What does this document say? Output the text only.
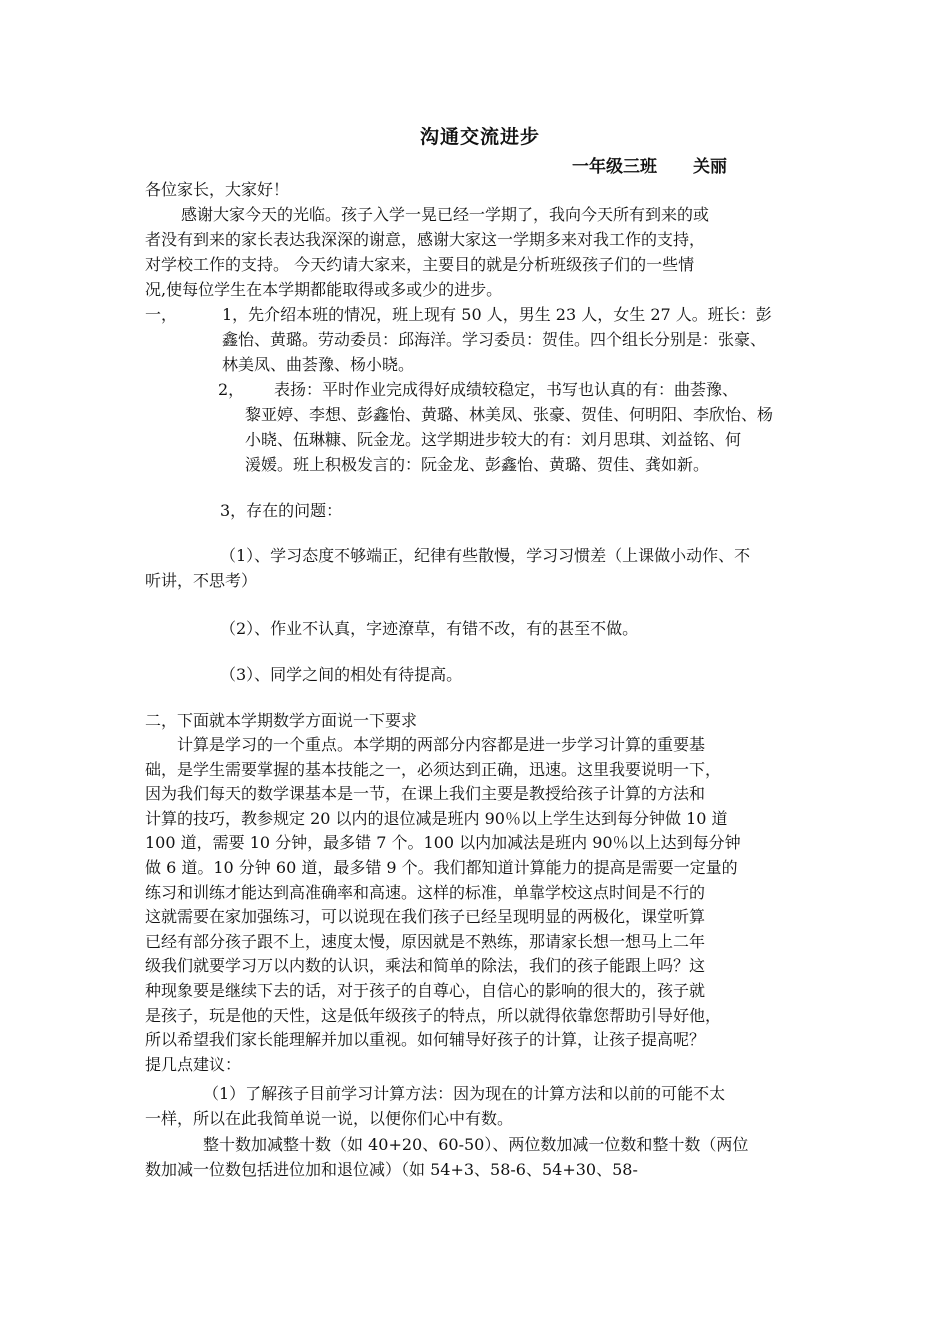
沟通交流进步
一年级三班 关丽
各位家长，大家好！
感谢大家今天的光临。孩子入学一晃已经一学期了，我向今天所有到来的或
者没有到来的家长表达我深深的谢意，感谢大家这一学期多来对我工作的支持，
对学校工作的支持。 今天约请大家来，主要目的就是分析班级孩子们的一些情
况,使每位学生在本学期都能取得或多或少的进步。
一，	1，先介绍本班的情况，班上现有 50 人，男生 23 人，女生 27 人。班长：彭
鑫怡、黄璐。劳动委员：邱海洋。学习委员：贺佳。四个组长分别是：张豪、
林美凤、曲荟豫、杨小晓。
2， 表扬：平时作业完成得好成绩较稳定，书写也认真的有：曲荟豫、
黎亚婷、李想、彭鑫怡、黄璐、林美凤、张豪、贺佳、何明阳、李欣怡、杨
小晓、伍琳糠、阮金龙。这学期进步较大的有：刘月思琪、刘益铭、何
湲媛。班上积极发言的：阮金龙、彭鑫怡、黄璐、贺佳、龚如新。
3，存在的问题：
（1）、学习态度不够端正，纪律有些散慢，学习习惯差（上课做小动作、不
听讲，不思考）
（2）、作业不认真，字迹潦草，有错不改，有的甚至不做。
（3）、同学之间的相处有待提高。
二，下面就本学期数学方面说一下要求
计算是学习的一个重点。本学期的两部分内容都是进一步学习计算的重要基
础，是学生需要掌握的基本技能之一，必须达到正确，迅速。这里我要说明一下，
因为我们每天的数学课基本是一节，在课上我们主要是教授给孩子计算的方法和
计算的技巧，教参规定 20 以内的退位减是班内 90％以上学生达到每分钟做 10 道
100 道，需要 10 分钟，最多错 7 个。100 以内加减法是班内 90％以上达到每分钟
做 6 道。10 分钟 60 道，最多错 9 个。我们都知道计算能力的提高是需要一定量的
练习和训练才能达到高准确率和高速。这样的标准，单靠学校这点时间是不行的
这就需要在家加强练习，可以说现在我们孩子已经呈现明显的两极化，课堂听算
已经有部分孩子跟不上，速度太慢，原因就是不熟练，那请家长想一想马上二年
级我们就要学习万以内数的认识，乘法和简单的除法，我们的孩子能跟上吗？这
种现象要是继续下去的话，对于孩子的自尊心，自信心的影响的很大的，孩子就
是孩子，玩是他的天性，这是低年级孩子的特点，所以就得依靠您帮助引导好他，
所以希望我们家长能理解并加以重视。如何辅导好孩子的计算，让孩子提高呢？
提几点建议：
（1）了解孩子目前学习计算方法：因为现在的计算方法和以前的可能不太
一样，所以在此我简单说一说，以便你们心中有数。
整十数加减整十数（如 40+20、60-50）、两位数加减一位数和整十数（两位
数加减一位数包括进位加和退位减）（如 54+3、58-6、54+30、58-
